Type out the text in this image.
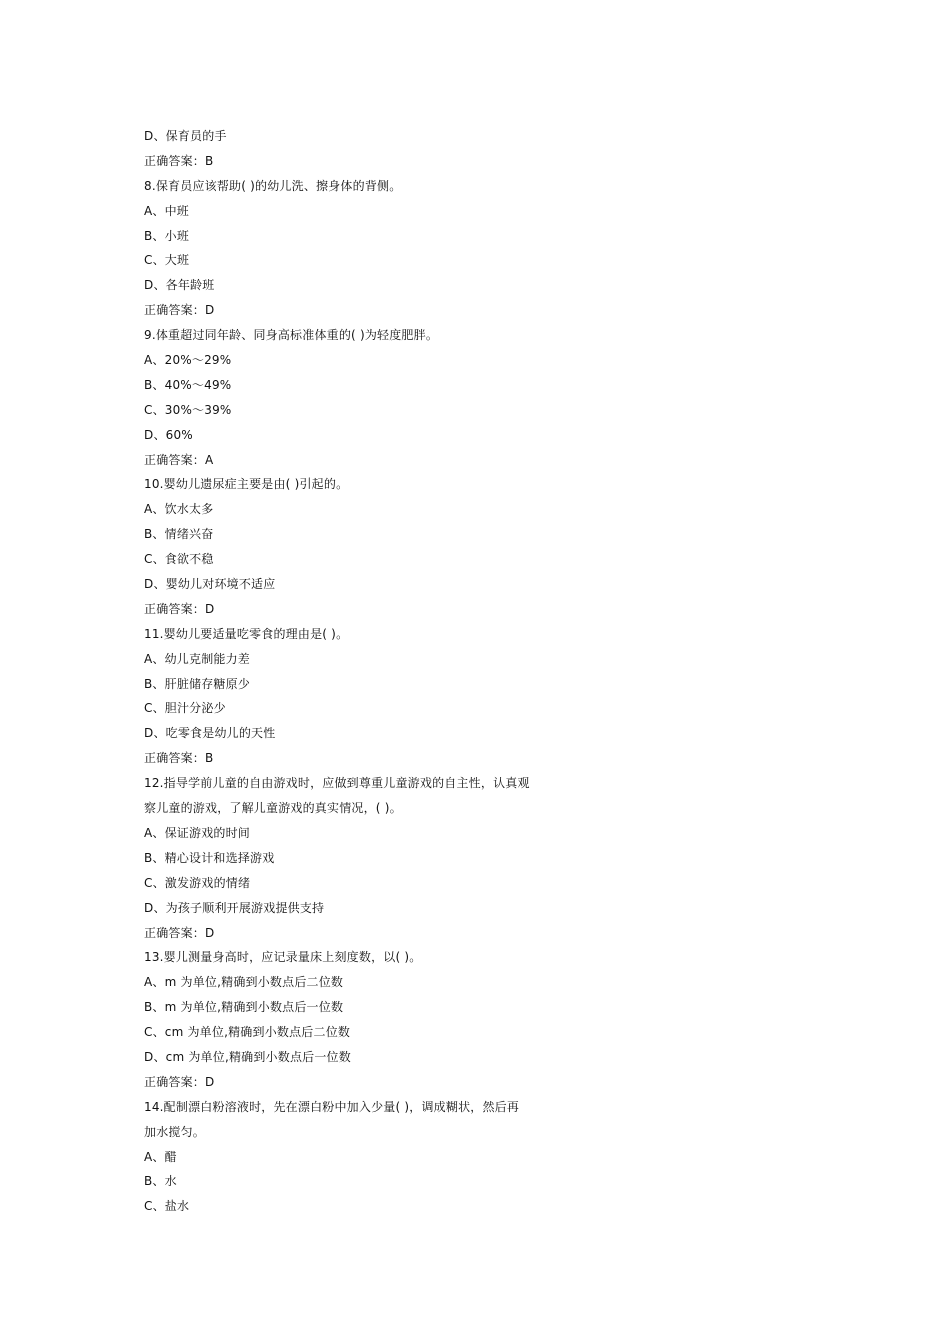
D、保育员的手
正确答案：B
8.保育员应该帮助( )的幼儿洗、擦身体的背侧。
A、中班
B、小班
C、大班
D、各年龄班
正确答案：D
9.体重超过同年龄、同身高标准体重的( )为轻度肥胖。
A、20%～29%
B、40%～49%
C、30%～39%
D、60%
正确答案：A
10.婴幼儿遗尿症主要是由( )引起的。
A、饮水太多
B、情绪兴奋
C、食欲不稳
D、婴幼儿对环境不适应
正确答案：D
11.婴幼儿要适量吃零食的理由是( )。
A、幼儿克制能力差
B、肝脏储存糖原少
C、胆汁分泌少
D、吃零食是幼儿的天性
正确答案：B
12.指导学前儿童的自由游戏时，应做到尊重儿童游戏的自主性，认真观
察儿童的游戏，了解儿童游戏的真实情况，( )。
A、保证游戏的时间
B、精心设计和选择游戏
C、激发游戏的情绪
D、为孩子顺利开展游戏提供支持
正确答案：D
13.婴儿测量身高时，应记录量床上刻度数，以( )。
A、m 为单位,精确到小数点后二位数
B、m 为单位,精确到小数点后一位数
C、cm 为单位,精确到小数点后二位数
D、cm 为单位,精确到小数点后一位数
正确答案：D
14.配制漂白粉溶液时，先在漂白粉中加入少量( )，调成糊状，然后再
加水搅匀。
A、醋
B、水
C、盐水
